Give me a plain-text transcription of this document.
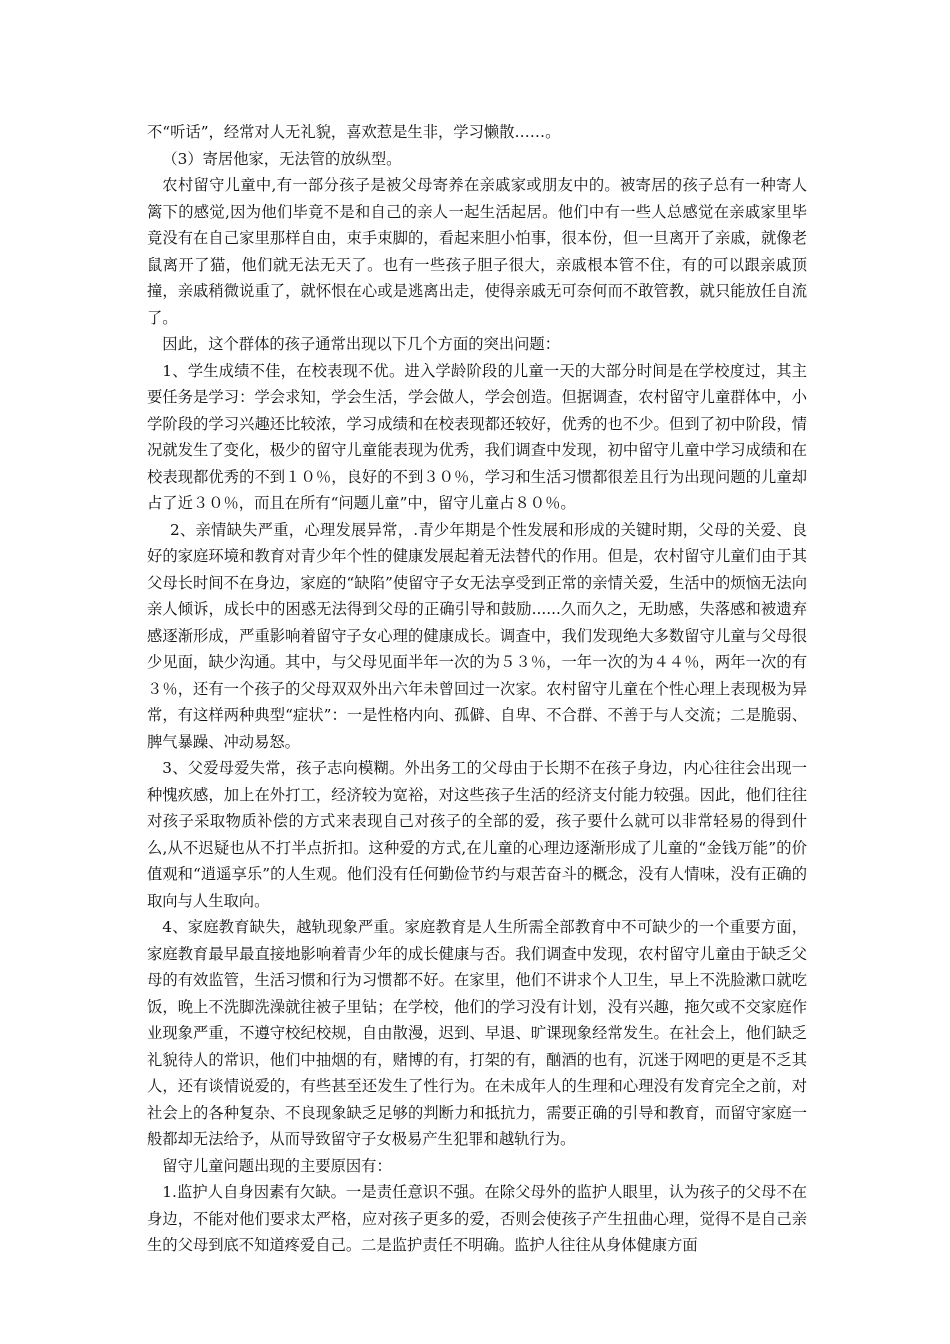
不“听话”，经常对人无礼貌，喜欢惹是生非，学习懒散……。

（3）寄居他家，无法管的放纵型。

农村留守儿童中,有一部分孩子是被父母寄养在亲戚家或朋友中的。被寄居的孩子总有一种寄人篱下的感觉,因为他们毕竟不是和自己的亲人一起生活起居。他们中有一些人总感觉在亲戚家里毕竟没有在自己家里那样自由，束手束脚的，看起来胆小怕事，很本份，但一旦离开了亲戚，就像老鼠离开了猫，他们就无法无天了。也有一些孩子胆子很大，亲戚根本管不住，有的可以跟亲戚顶撞，亲戚稍微说重了，就怀恨在心或是逃离出走，使得亲戚无可奈何而不敢管教，就只能放任自流了。

因此，这个群体的孩子通常出现以下几个方面的突出问题：

1、学生成绩不佳，在校表现不优。进入学龄阶段的儿童一天的大部分时间是在学校度过，其主要任务是学习：学会求知，学会生活，学会做人，学会创造。但据调查，农村留守儿童群体中，小学阶段的学习兴趣还比较浓，学习成绩和在校表现都还较好，优秀的也不少。但到了初中阶段，情况就发生了变化，极少的留守儿童能表现为优秀，我们调查中发现，初中留守儿童中学习成绩和在校表现都优秀的不到１０％，良好的不到３０％，学习和生活习惯都很差且行为出现问题的儿童却占了近３０％，而且在所有“问题儿童”中，留守儿童占８０％。

2、亲情缺失严重，心理发展异常，.青少年期是个性发展和形成的关键时期，父母的关爱、良好的家庭环境和教育对青少年个性的健康发展起着无法替代的作用。但是，农村留守儿童们由于其父母长时间不在身边，家庭的“缺陷”使留守子女无法享受到正常的亲情关爱，生活中的烦恼无法向亲人倾诉，成长中的困惑无法得到父母的正确引导和鼓励......久而久之，无助感，失落感和被遗弃感逐渐形成，严重影响着留守子女心理的健康成长。调查中，我们发现绝大多数留守儿童与父母很少见面，缺少沟通。其中，与父母见面半年一次的为５３％，一年一次的为４４％，两年一次的有３％，还有一个孩子的父母双双外出六年未曾回过一次家。农村留守儿童在个性心理上表现极为异常，有这样两种典型“症状”：一是性格内向、孤僻、自卑、不合群、不善于与人交流；二是脆弱、脾气暴躁、冲动易怒。

3、父爱母爱失常，孩子志向模糊。外出务工的父母由于长期不在孩子身边，内心往往会出现一种愧疚感，加上在外打工，经济较为宽裕，对这些孩子生活的经济支付能力较强。因此，他们往往对孩子采取物质补偿的方式来表现自己对孩子的全部的爱，孩子要什么就可以非常轻易的得到什么,从不迟疑也从不打半点折扣。这种爱的方式,在儿童的心理边逐渐形成了儿童的“金钱万能”的价值观和“逍遥享乐”的人生观。他们没有任何勤俭节约与艰苦奋斗的概念，没有人情味，没有正确的取向与人生取向。

4、家庭教育缺失，越轨现象严重。家庭教育是人生所需全部教育中不可缺少的一个重要方面，家庭教育最早最直接地影响着青少年的成长健康与否。我们调查中发现，农村留守儿童由于缺乏父母的有效监管，生活习惯和行为习惯都不好。在家里，他们不讲求个人卫生，早上不洗脸漱口就吃饭，晚上不洗脚洗澡就往被子里钻；在学校，他们的学习没有计划，没有兴趣，拖欠或不交家庭作业现象严重，不遵守校纪校规，自由散漫，迟到、早退、旷课现象经常发生。在社会上，他们缺乏礼貌待人的常识，他们中抽烟的有，赌博的有，打架的有，酗酒的也有，沉迷于网吧的更是不乏其人，还有谈情说爱的，有些甚至还发生了性行为。在未成年人的生理和心理没有发育完全之前，对社会上的各种复杂、不良现象缺乏足够的判断力和抵抗力，需要正确的引导和教育，而留守家庭一般都却无法给予，从而导致留守子女极易产生犯罪和越轨行为。

留守儿童问题出现的主要原因有：

1.监护人自身因素有欠缺。一是责任意识不强。在除父母外的监护人眼里，认为孩子的父母不在身边，不能对他们要求太严格，应对孩子更多的爱，否则会使孩子产生扭曲心理，觉得不是自己亲生的父母到底不知道疼爱自己。二是监护责任不明确。监护人往往从身体健康方面
